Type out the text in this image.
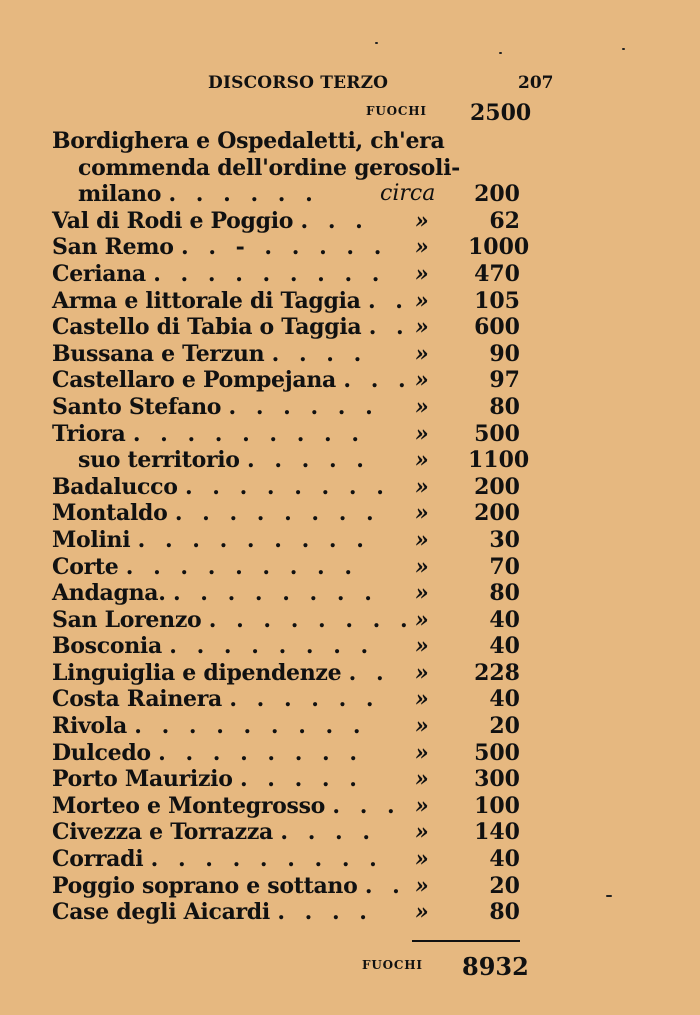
DISCORSO TERZO	207
FUOCHI 2500
Bordighera e Ospedaletti, ch'era
commenda dell'ordine gerosoli-
milano . . . . . .	circa 200
Val di Rodi e Poggio . . . »	62
San Remo . . - . . . . . » 1000
Ceriana . . . . . . . . . » 470
Arma e littorale di Taggia . . » 105
Castello di Tabia o Taggia . . » 600
Bussana e Terzun . . . . »	90
Castellaro e Pompejana . . . »	97
Santo Stefano . . . . . . »	80
Triora . . . . . . . . . » 500
suo territorio . . . . . » 1100
Badalucco . . . . . . . . » 200
Montaldo . . . . . . . . » 200
Molini . . . . . . . . . »	30
Corte . . . . . . . . .	»	70
Andagna. . . . . . . . . »	80
San Lorenzo . . . . . . . . »	40
Bosconia . . . . . . . . »	40
Linguiglia e dipendenze . . » 228
Costa Rainera . . . . . . »	40
Rivola . . . . . . . . . »	20
Dulcedo . . . . . . . . » 500
Porto Maurizio . . . . . » 300
Morteo e Montegrosso . . . » 100
Civezza e Torrazza . . . . » 140
Corradi . . . . . . . . . »	40
Poggio soprano e sottano . . »	20
Case degli Aicardi . . . . »	80
FUOCHI 8932
